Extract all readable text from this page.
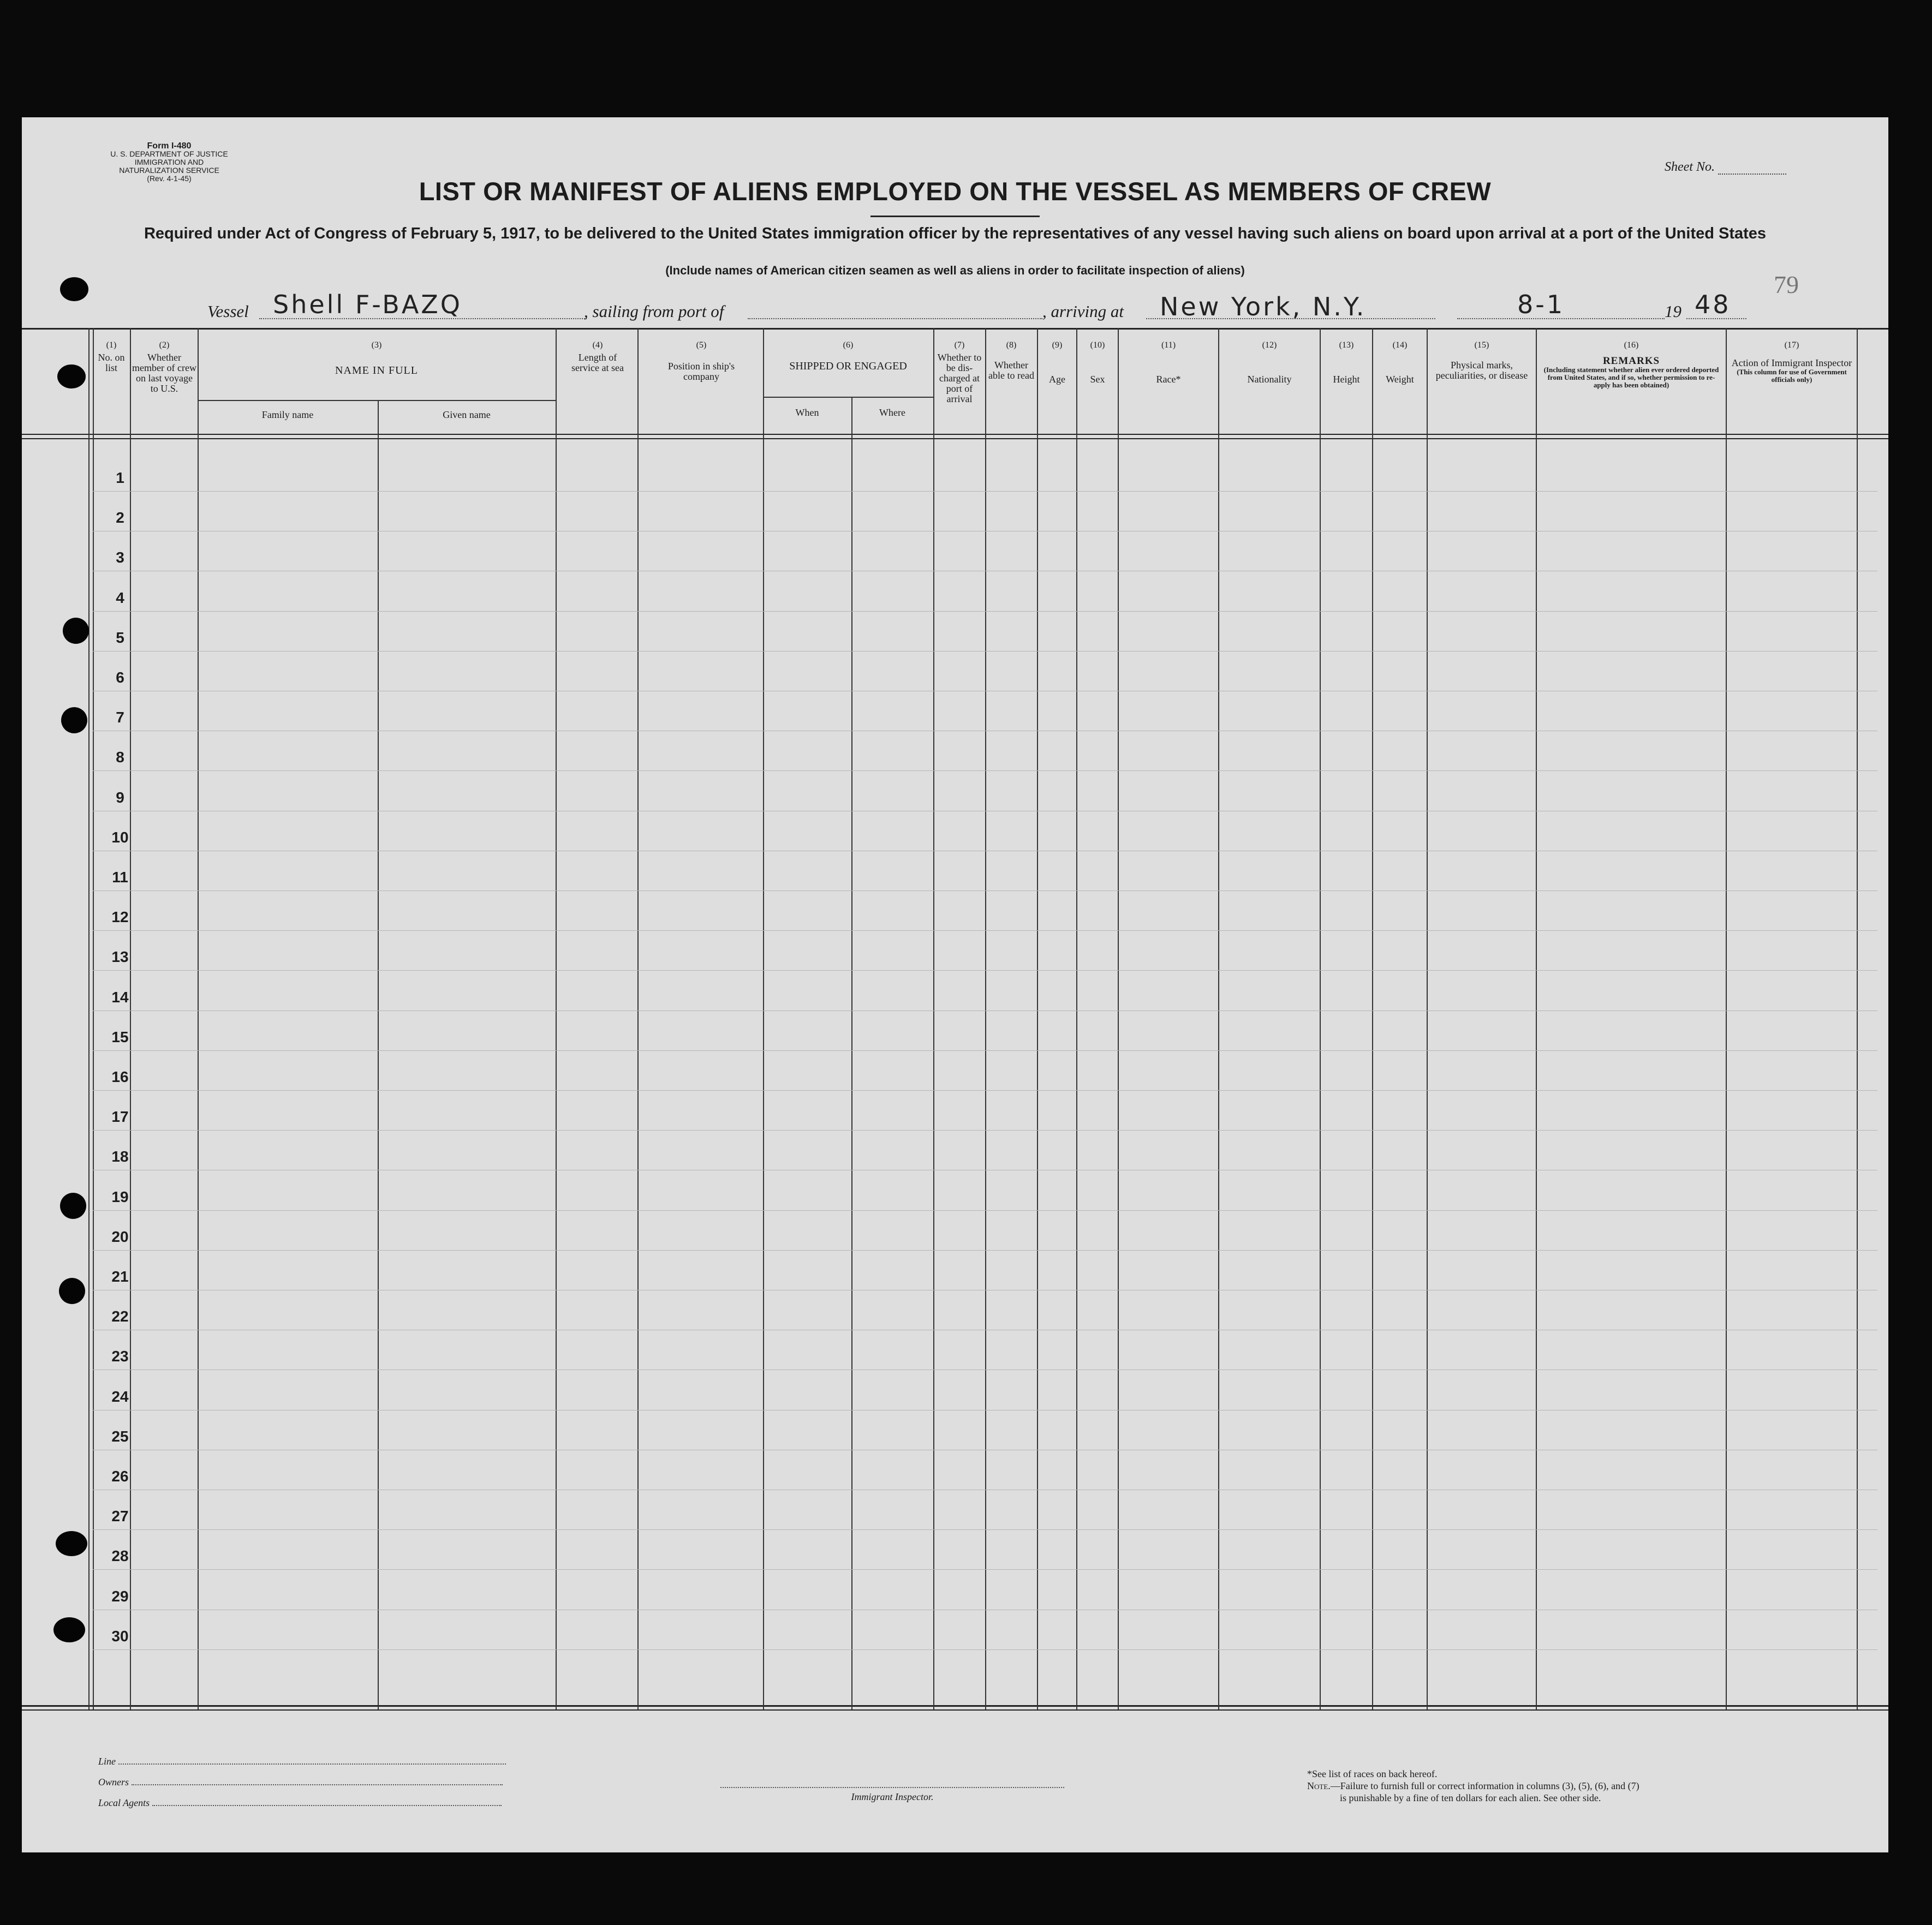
Form I-480
U. S. DEPARTMENT OF JUSTICE
IMMIGRATION AND NATURALIZATION SERVICE
(Rev. 4-1-45)
Sheet No.
LIST OR MANIFEST OF ALIENS EMPLOYED ON THE VESSEL AS MEMBERS OF CREW
Required under Act of Congress of February 5, 1917, to be delivered to the United States immigration officer by the representatives of any vessel having such aliens on board upon arrival at a port of the United States
(Include names of American citizen seamen as well as aliens in order to facilitate inspection of aliens)
79
Vessel Shell F-BAZQ	, sailing from port of	, arriving at New York, N.Y.	8-1	19 48
(1)
No. on list
(2)
Whether member of crew on last voyage to U.S.
(3)
NAME IN FULL
Family name	Given name
(4)
Length of service at sea
(5)
Position in ship's company
(6)
SHIPPED OR ENGAGED
When	Where
(7)
Whether to be dis-charged at port of arrival
(8)
Whether able to read
(9)
Age
(10)
Sex
(11)
Race*
(12)
Nationality
(13)
Height
(14)
Weight
(15)
Physical marks, peculiarities, or disease
(16)
REMARKS
(Including statement whether alien ever ordered deported from United States, and if so, whether permission to re-apply has been obtained)
(17)
Action of Immigrant Inspector
(This column for use of Government officials only)
1
2
3
4
5
6
7
8
9
10
11
12
13
14
15
16
17
18
19
20
21
22
23
24
25
26
27
28
29
30
Line
Owners
Local Agents
Immigrant Inspector.
*See list of races on back hereof.
Note.—Failure to furnish full or correct information in columns (3), (5), (6), and (7)
is punishable by a fine of ten dollars for each alien. See other side.
